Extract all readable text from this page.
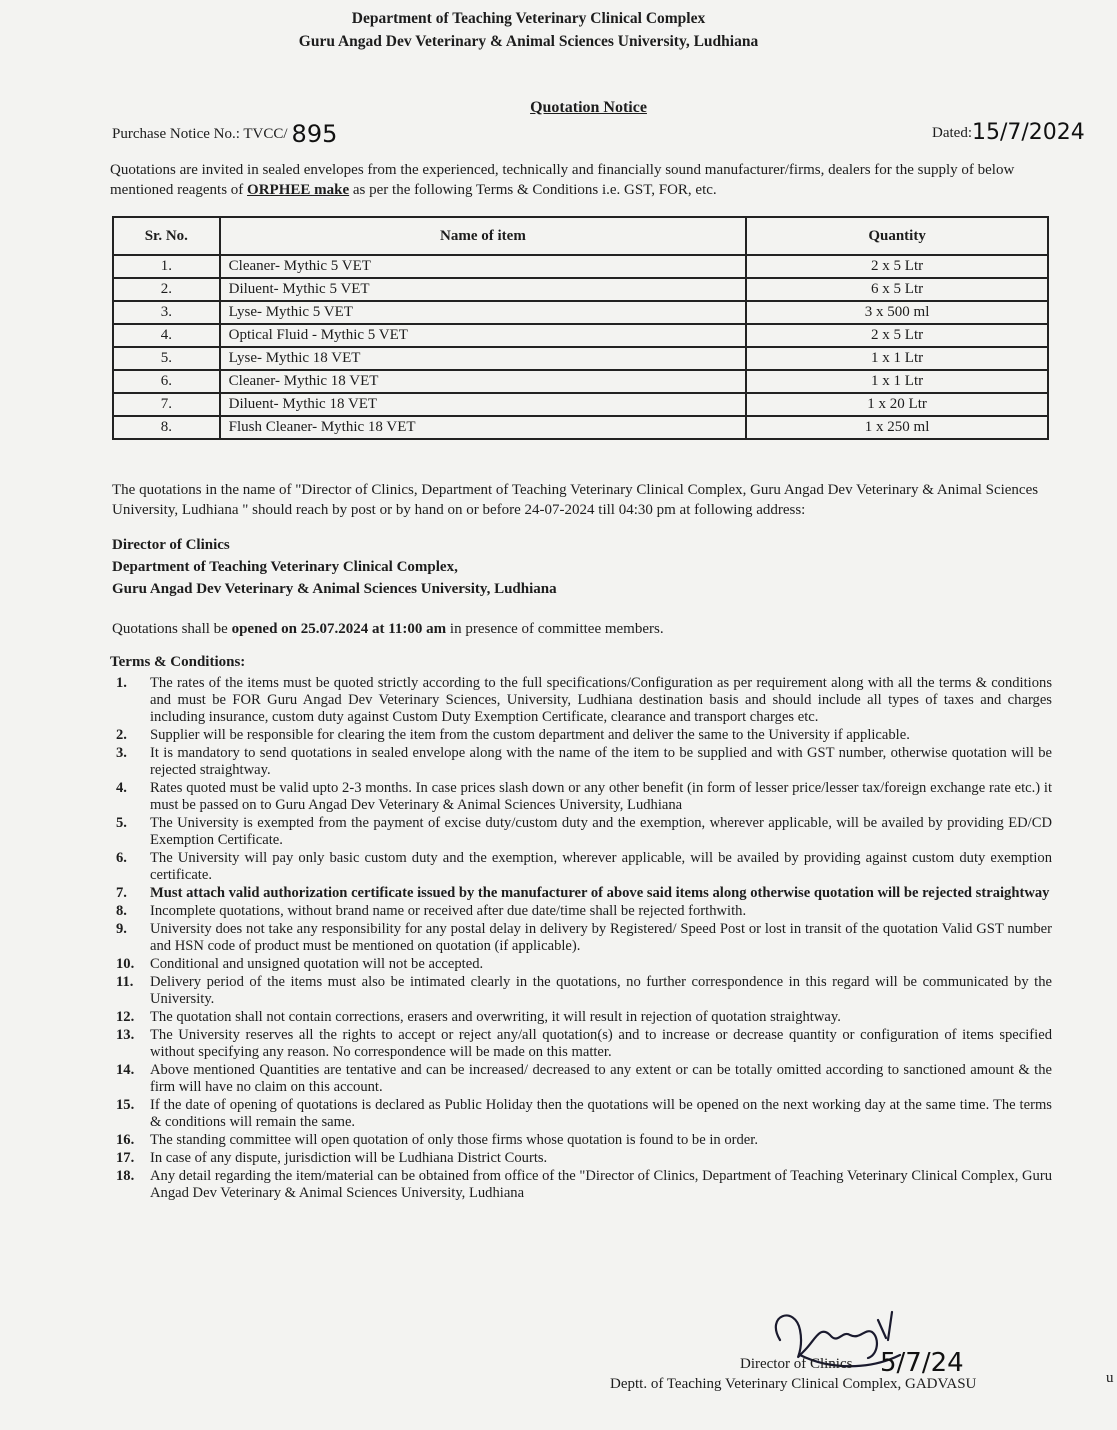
Department of Teaching Veterinary Clinical Complex
Guru Angad Dev Veterinary & Animal Sciences University, Ludhiana
Quotation Notice
Purchase Notice No.: TVCC/ 895	Dated:15/7/2024
Quotations are invited in sealed envelopes from the experienced, technically and financially sound manufacturer/firms, dealers for the supply of below mentioned reagents of ORPHEE make as per the following Terms & Conditions i.e. GST, FOR, etc.
Sr. No.	Name of item	Quantity
1.	Cleaner- Mythic 5 VET	2 x 5 Ltr
2.	Diluent- Mythic 5 VET	6 x 5 Ltr
3.	Lyse- Mythic 5 VET	3 x 500 ml
4.	Optical Fluid - Mythic 5 VET	2 x 5 Ltr
5.	Lyse- Mythic 18 VET	1 x 1 Ltr
6.	Cleaner- Mythic 18 VET	1 x 1 Ltr
7.	Diluent- Mythic 18 VET	1 x 20 Ltr
8.	Flush Cleaner- Mythic 18 VET	1 x 250 ml
The quotations in the name of "Director of Clinics, Department of Teaching Veterinary Clinical Complex, Guru Angad Dev Veterinary & Animal Sciences University, Ludhiana " should reach by post or by hand on or before 24-07-2024 till 04:30 pm at following address:
Director of Clinics
Department of Teaching Veterinary Clinical Complex,
Guru Angad Dev Veterinary & Animal Sciences University, Ludhiana
Quotations shall be opened on 25.07.2024 at 11:00 am in presence of committee members.
Terms & Conditions:
1. The rates of the items must be quoted strictly according to the full specifications/Configuration as per requirement along with all the terms & conditions and must be FOR Guru Angad Dev Veterinary Sciences, University, Ludhiana destination basis and should include all types of taxes and charges including insurance, custom duty against Custom Duty Exemption Certificate, clearance and transport charges etc.
2. Supplier will be responsible for clearing the item from the custom department and deliver the same to the University if applicable.
3. It is mandatory to send quotations in sealed envelope along with the name of the item to be supplied and with GST number, otherwise quotation will be rejected straightway.
4. Rates quoted must be valid upto 2-3 months. In case prices slash down or any other benefit (in form of lesser price/lesser tax/foreign exchange rate etc.) it must be passed on to Guru Angad Dev Veterinary & Animal Sciences University, Ludhiana
5. The University is exempted from the payment of excise duty/custom duty and the exemption, wherever applicable, will be availed by providing ED/CD Exemption Certificate.
6. The University will pay only basic custom duty and the exemption, wherever applicable, will be availed by providing against custom duty exemption certificate.
7. Must attach valid authorization certificate issued by the manufacturer of above said items along otherwise quotation will be rejected straightway
8. Incomplete quotations, without brand name or received after due date/time shall be rejected forthwith.
9. University does not take any responsibility for any postal delay in delivery by Registered/ Speed Post or lost in transit of the quotation Valid GST number and HSN code of product must be mentioned on quotation (if applicable).
10. Conditional and unsigned quotation will not be accepted.
11. Delivery period of the items must also be intimated clearly in the quotations, no further correspondence in this regard will be communicated by the University.
12. The quotation shall not contain corrections, erasers and overwriting, it will result in rejection of quotation straightway.
13. The University reserves all the rights to accept or reject any/all quotation(s) and to increase or decrease quantity or configuration of items specified without specifying any reason. No correspondence will be made on this matter.
14. Above mentioned Quantities are tentative and can be increased/ decreased to any extent or can be totally omitted according to sanctioned amount & the firm will have no claim on this account.
15. If the date of opening of quotations is declared as Public Holiday then the quotations will be opened on the next working day at the same time. The terms & conditions will remain the same.
16. The standing committee will open quotation of only those firms whose quotation is found to be in order.
17. In case of any dispute, jurisdiction will be Ludhiana District Courts.
18. Any detail regarding the item/material can be obtained from office of the "Director of Clinics, Department of Teaching Veterinary Clinical Complex, Guru Angad Dev Veterinary & Animal Sciences University, Ludhiana
Director of Clinics
Deptt. of Teaching Veterinary Clinical Complex, GADVASU
5/7/24	u
